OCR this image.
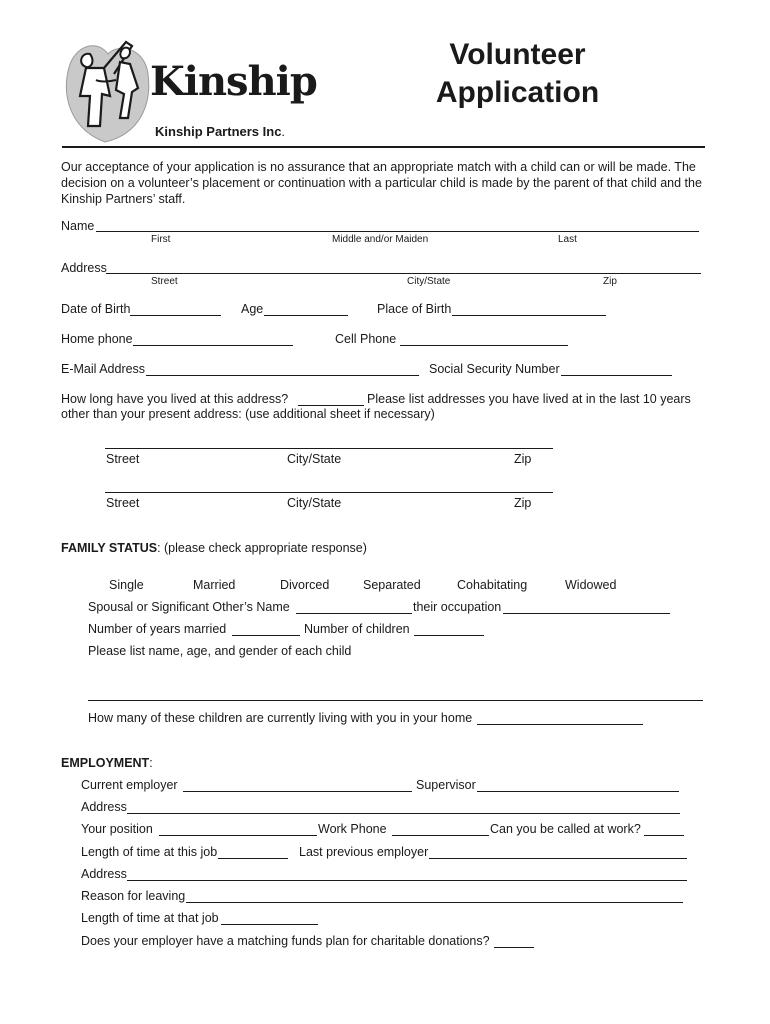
Kinship
Kinship Partners Inc.
Volunteer
Application
Our acceptance of your application is no assurance that an appropriate match with a child can or will be made. The
decision on a volunteer’s placement or continuation with a particular child is made by the parent of that child and the
Kinship Partners’ staff.
Name
First	Middle and/or Maiden	Last
Address
Street	City/State	Zip
Date of Birth	Age	Place of Birth
Home phone	Cell Phone
E-Mail Address	Social Security Number
How long have you lived at this address?	Please list addresses you have lived at in the last 10 years
other than your present address: (use additional sheet if necessary)
Street	City/State	Zip
Street	City/State	Zip
FAMILY STATUS: (please check appropriate response)
Single	Married	Divorced	Separated	Cohabitating	Widowed
Spousal or Significant Other’s Name	their occupation
Number of years married	Number of children
Please list name, age, and gender of each child
How many of these children are currently living with you in your home
EMPLOYMENT:
Current employer	Supervisor
Address
Your position	Work Phone	Can you be called at work?
Length of time at this job	Last previous employer
Address
Reason for leaving
Length of time at that job
Does your employer have a matching funds plan for charitable donations?
